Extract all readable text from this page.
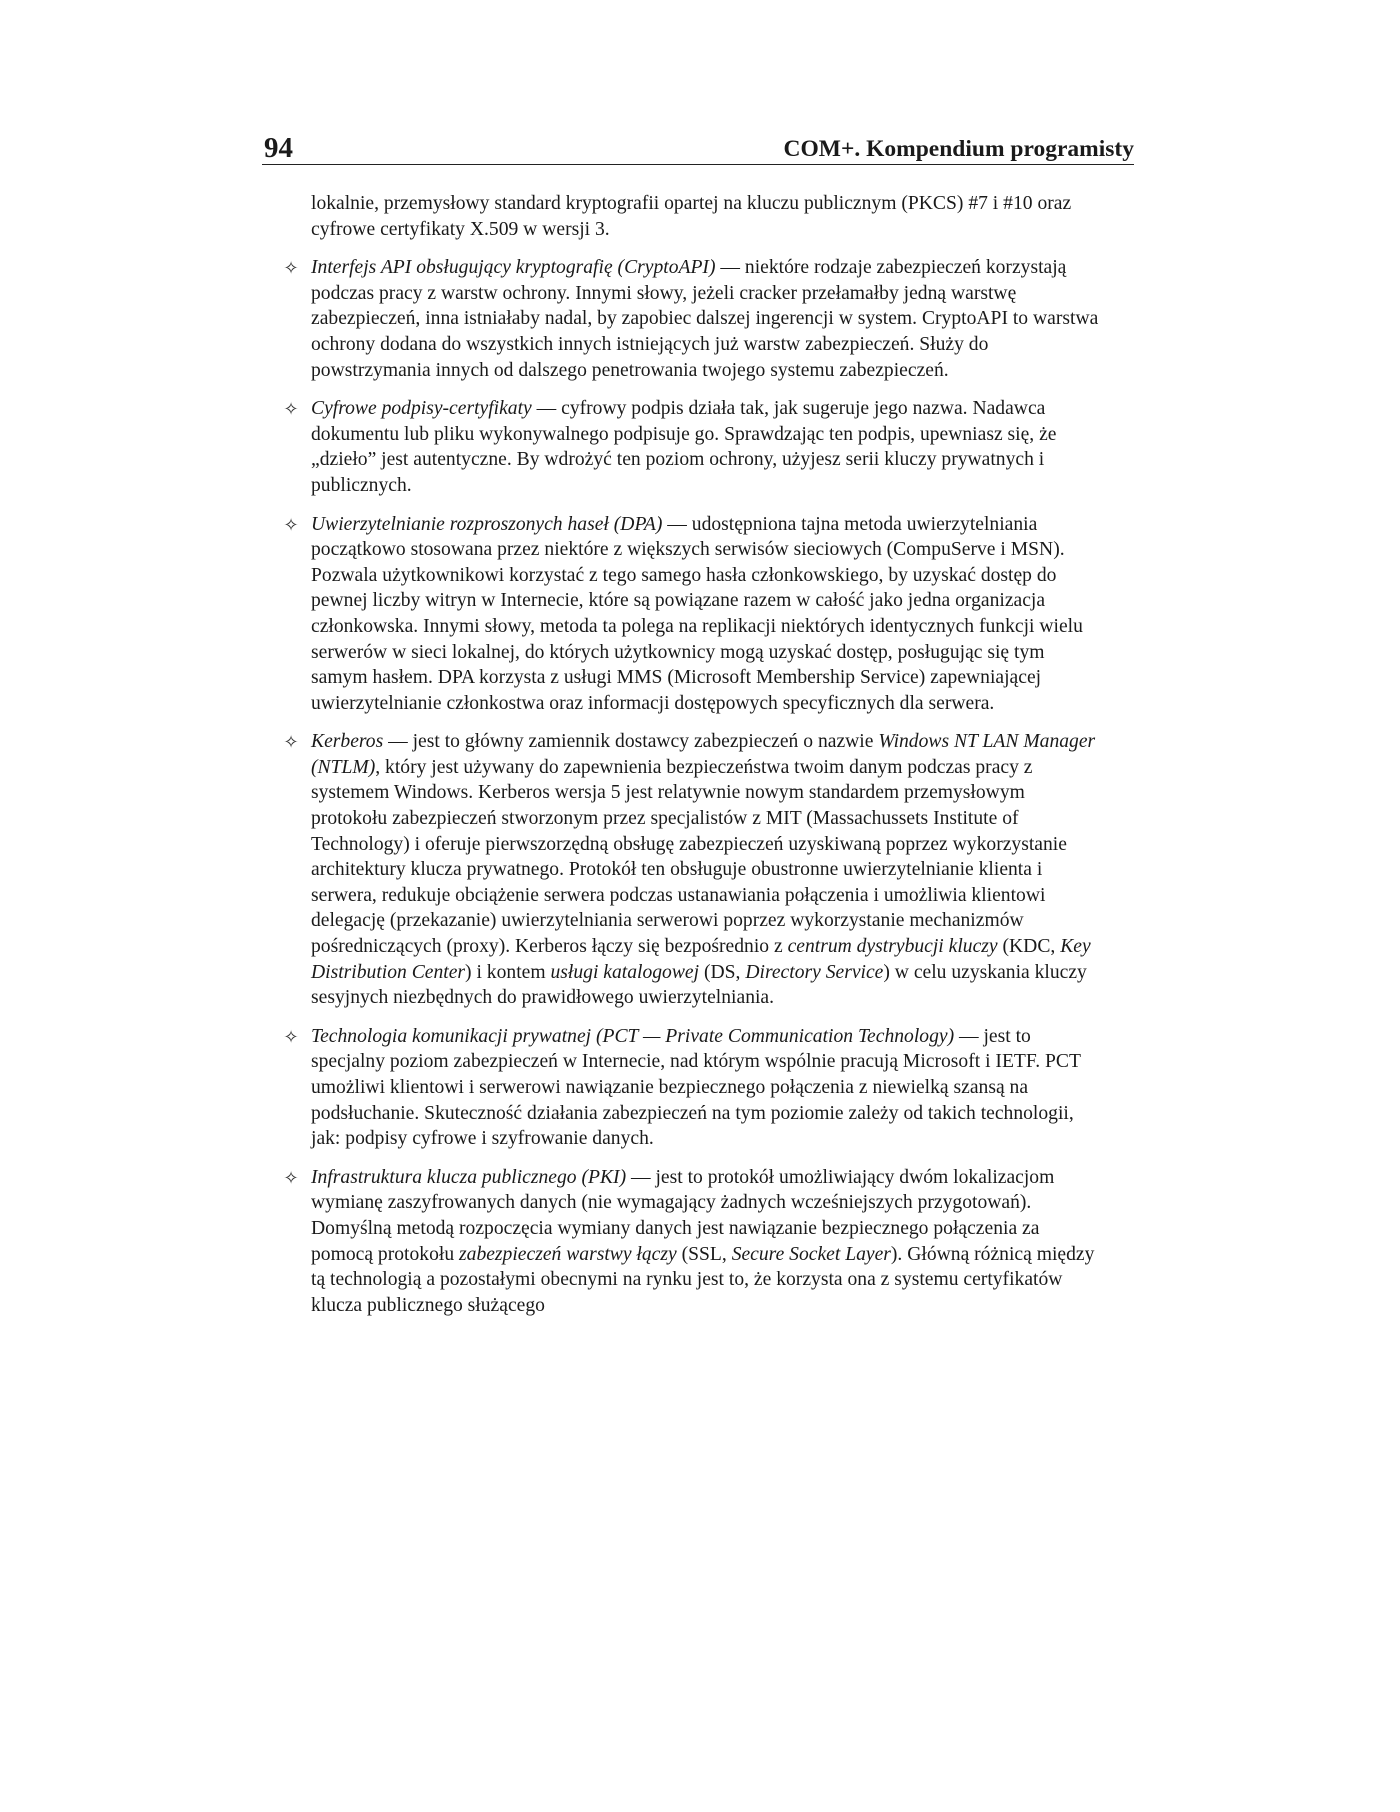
94	COM+. Kompendium programisty

lokalnie, przemysłowy standard kryptografii opartej na kluczu publicznym (PKCS) #7 i #10 oraz cyfrowe certyfikaty X.509 w wersji 3.

✧ Interfejs API obsługujący kryptografię (CryptoAPI) — niektóre rodzaje zabezpieczeń korzystają podczas pracy z warstw ochrony. Innymi słowy, jeżeli cracker przełamałby jedną warstwę zabezpieczeń, inna istniałaby nadal, by zapobiec dalszej ingerencji w system. CryptoAPI to warstwa ochrony dodana do wszystkich innych istniejących już warstw zabezpieczeń. Służy do powstrzymania innych od dalszego penetrowania twojego systemu zabezpieczeń.

✧ Cyfrowe podpisy-certyfikaty — cyfrowy podpis działa tak, jak sugeruje jego nazwa. Nadawca dokumentu lub pliku wykonywalnego podpisuje go. Sprawdzając ten podpis, upewniasz się, że „dzieło” jest autentyczne. By wdrożyć ten poziom ochrony, użyjesz serii kluczy prywatnych i publicznych.

✧ Uwierzytelnianie rozproszonych haseł (DPA) — udostępniona tajna metoda uwierzytelniania początkowo stosowana przez niektóre z większych serwisów sieciowych (CompuServe i MSN). Pozwala użytkownikowi korzystać z tego samego hasła członkowskiego, by uzyskać dostęp do pewnej liczby witryn w Internecie, które są powiązane razem w całość jako jedna organizacja członkowska. Innymi słowy, metoda ta polega na replikacji niektórych identycznych funkcji wielu serwerów w sieci lokalnej, do których użytkownicy mogą uzyskać dostęp, posługując się tym samym hasłem. DPA korzysta z usługi MMS (Microsoft Membership Service) zapewniającej uwierzytelnianie członkostwa oraz informacji dostępowych specyficznych dla serwera.

✧ Kerberos — jest to główny zamiennik dostawcy zabezpieczeń o nazwie Windows NT LAN Manager (NTLM), który jest używany do zapewnienia bezpieczeństwa twoim danym podczas pracy z systemem Windows. Kerberos wersja 5 jest relatywnie nowym standardem przemysłowym protokołu zabezpieczeń stworzonym przez specjalistów z MIT (Massachussets Institute of Technology) i oferuje pierwszorzędną obsługę zabezpieczeń uzyskiwaną poprzez wykorzystanie architektury klucza prywatnego. Protokół ten obsługuje obustronne uwierzytelnianie klienta i serwera, redukuje obciążenie serwera podczas ustanawiania połączenia i umożliwia klientowi delegację (przekazanie) uwierzytelniania serwerowi poprzez wykorzystanie mechanizmów pośredniczących (proxy). Kerberos łączy się bezpośrednio z centrum dystrybucji kluczy (KDC, Key Distribution Center) i kontem usługi katalogowej (DS, Directory Service) w celu uzyskania kluczy sesyjnych niezbędnych do prawidłowego uwierzytelniania.

✧ Technologia komunikacji prywatnej (PCT — Private Communication Technology) — jest to specjalny poziom zabezpieczeń w Internecie, nad którym wspólnie pracują Microsoft i IETF. PCT umożliwi klientowi i serwerowi nawiązanie bezpiecznego połączenia z niewielką szansą na podsłuchanie. Skuteczność działania zabezpieczeń na tym poziomie zależy od takich technologii, jak: podpisy cyfrowe i szyfrowanie danych.

✧ Infrastruktura klucza publicznego (PKI) — jest to protokół umożliwiający dwóm lokalizacjom wymianę zaszyfrowanych danych (nie wymagający żadnych wcześniejszych przygotowań). Domyślną metodą rozpoczęcia wymiany danych jest nawiązanie bezpiecznego połączenia za pomocą protokołu zabezpieczeń warstwy łączy (SSL, Secure Socket Layer). Główną różnicą między tą technologią a pozostałymi obecnymi na rynku jest to, że korzysta ona z systemu certyfikatów klucza publicznego służącego
